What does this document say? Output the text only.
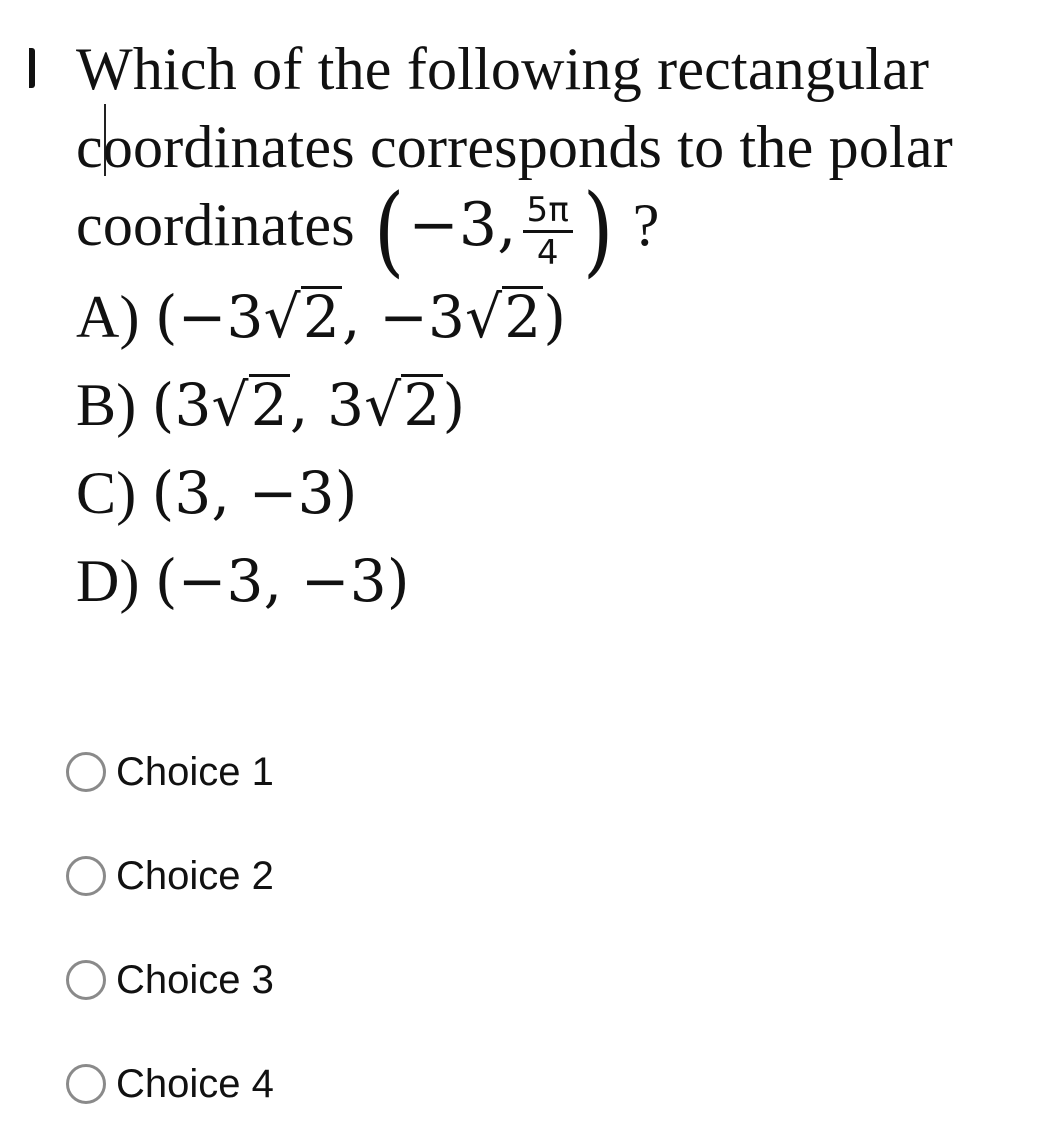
Which of the following rectangular
coordinates corresponds to the polar
coordinates (−3, $\frac{5\pi}{4}$ ) ?
A) (−3√2, −3√2)
B) (3√2, 3√2)
C) (3, −3)
D) (−3, −3)
Choice 1
Choice 2
Choice 3
Choice 4
